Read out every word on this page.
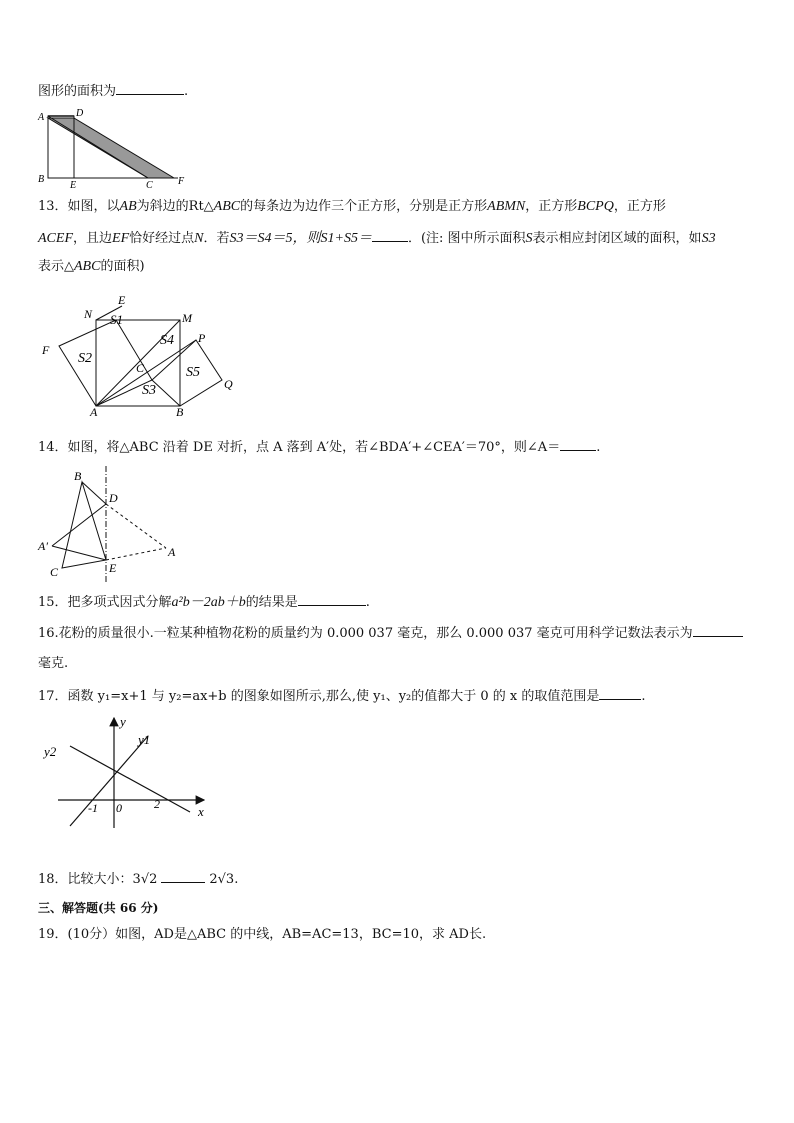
图形的面积为	.
A	D
B
E	C	F
13．如图，以AB为斜边的Rt△ABC的每条边为边作三个正方形，分别是正方形ABMN，正方形BCPQ，正方形
ACEF，且边EF恰好经过点N．若S3＝S4＝5，则S1+S5＝	．(注: 图中所示面积S表示相应封闭区域的面积，如S3
表示△ABC的面积)
N
E
S1	M
P
F
S2
S4
C	S5
S3	Q
A	B
14．如图，将△ABC 沿着 DE 对折，点 A 落到 A′处，若∠BDA′+∠CEA′＝70°，则∠A＝	.
B
D
A′	A
C	E
15．把多项式因式分解a²b－2ab＋b的结果是	.
16.花粉的质量很小.一粒某种植物花粉的质量约为 0.000 037 毫克，那么 0.000 037 毫克可用科学记数法表示为
毫克.
17．函数 y₁=x+1 与 y₂=ax+b 的图象如图所示,那么,使 y₁、y₂的值都大于 0 的 x 的取值范围是	.
y
y1
y2
-1 0	2	x
18．比较大小：3√2	2√3.
三、解答题(共 66 分)
19．(10分）如图，AD是△ABC 的中线，AB=AC=13，BC=10，求 AD长.
